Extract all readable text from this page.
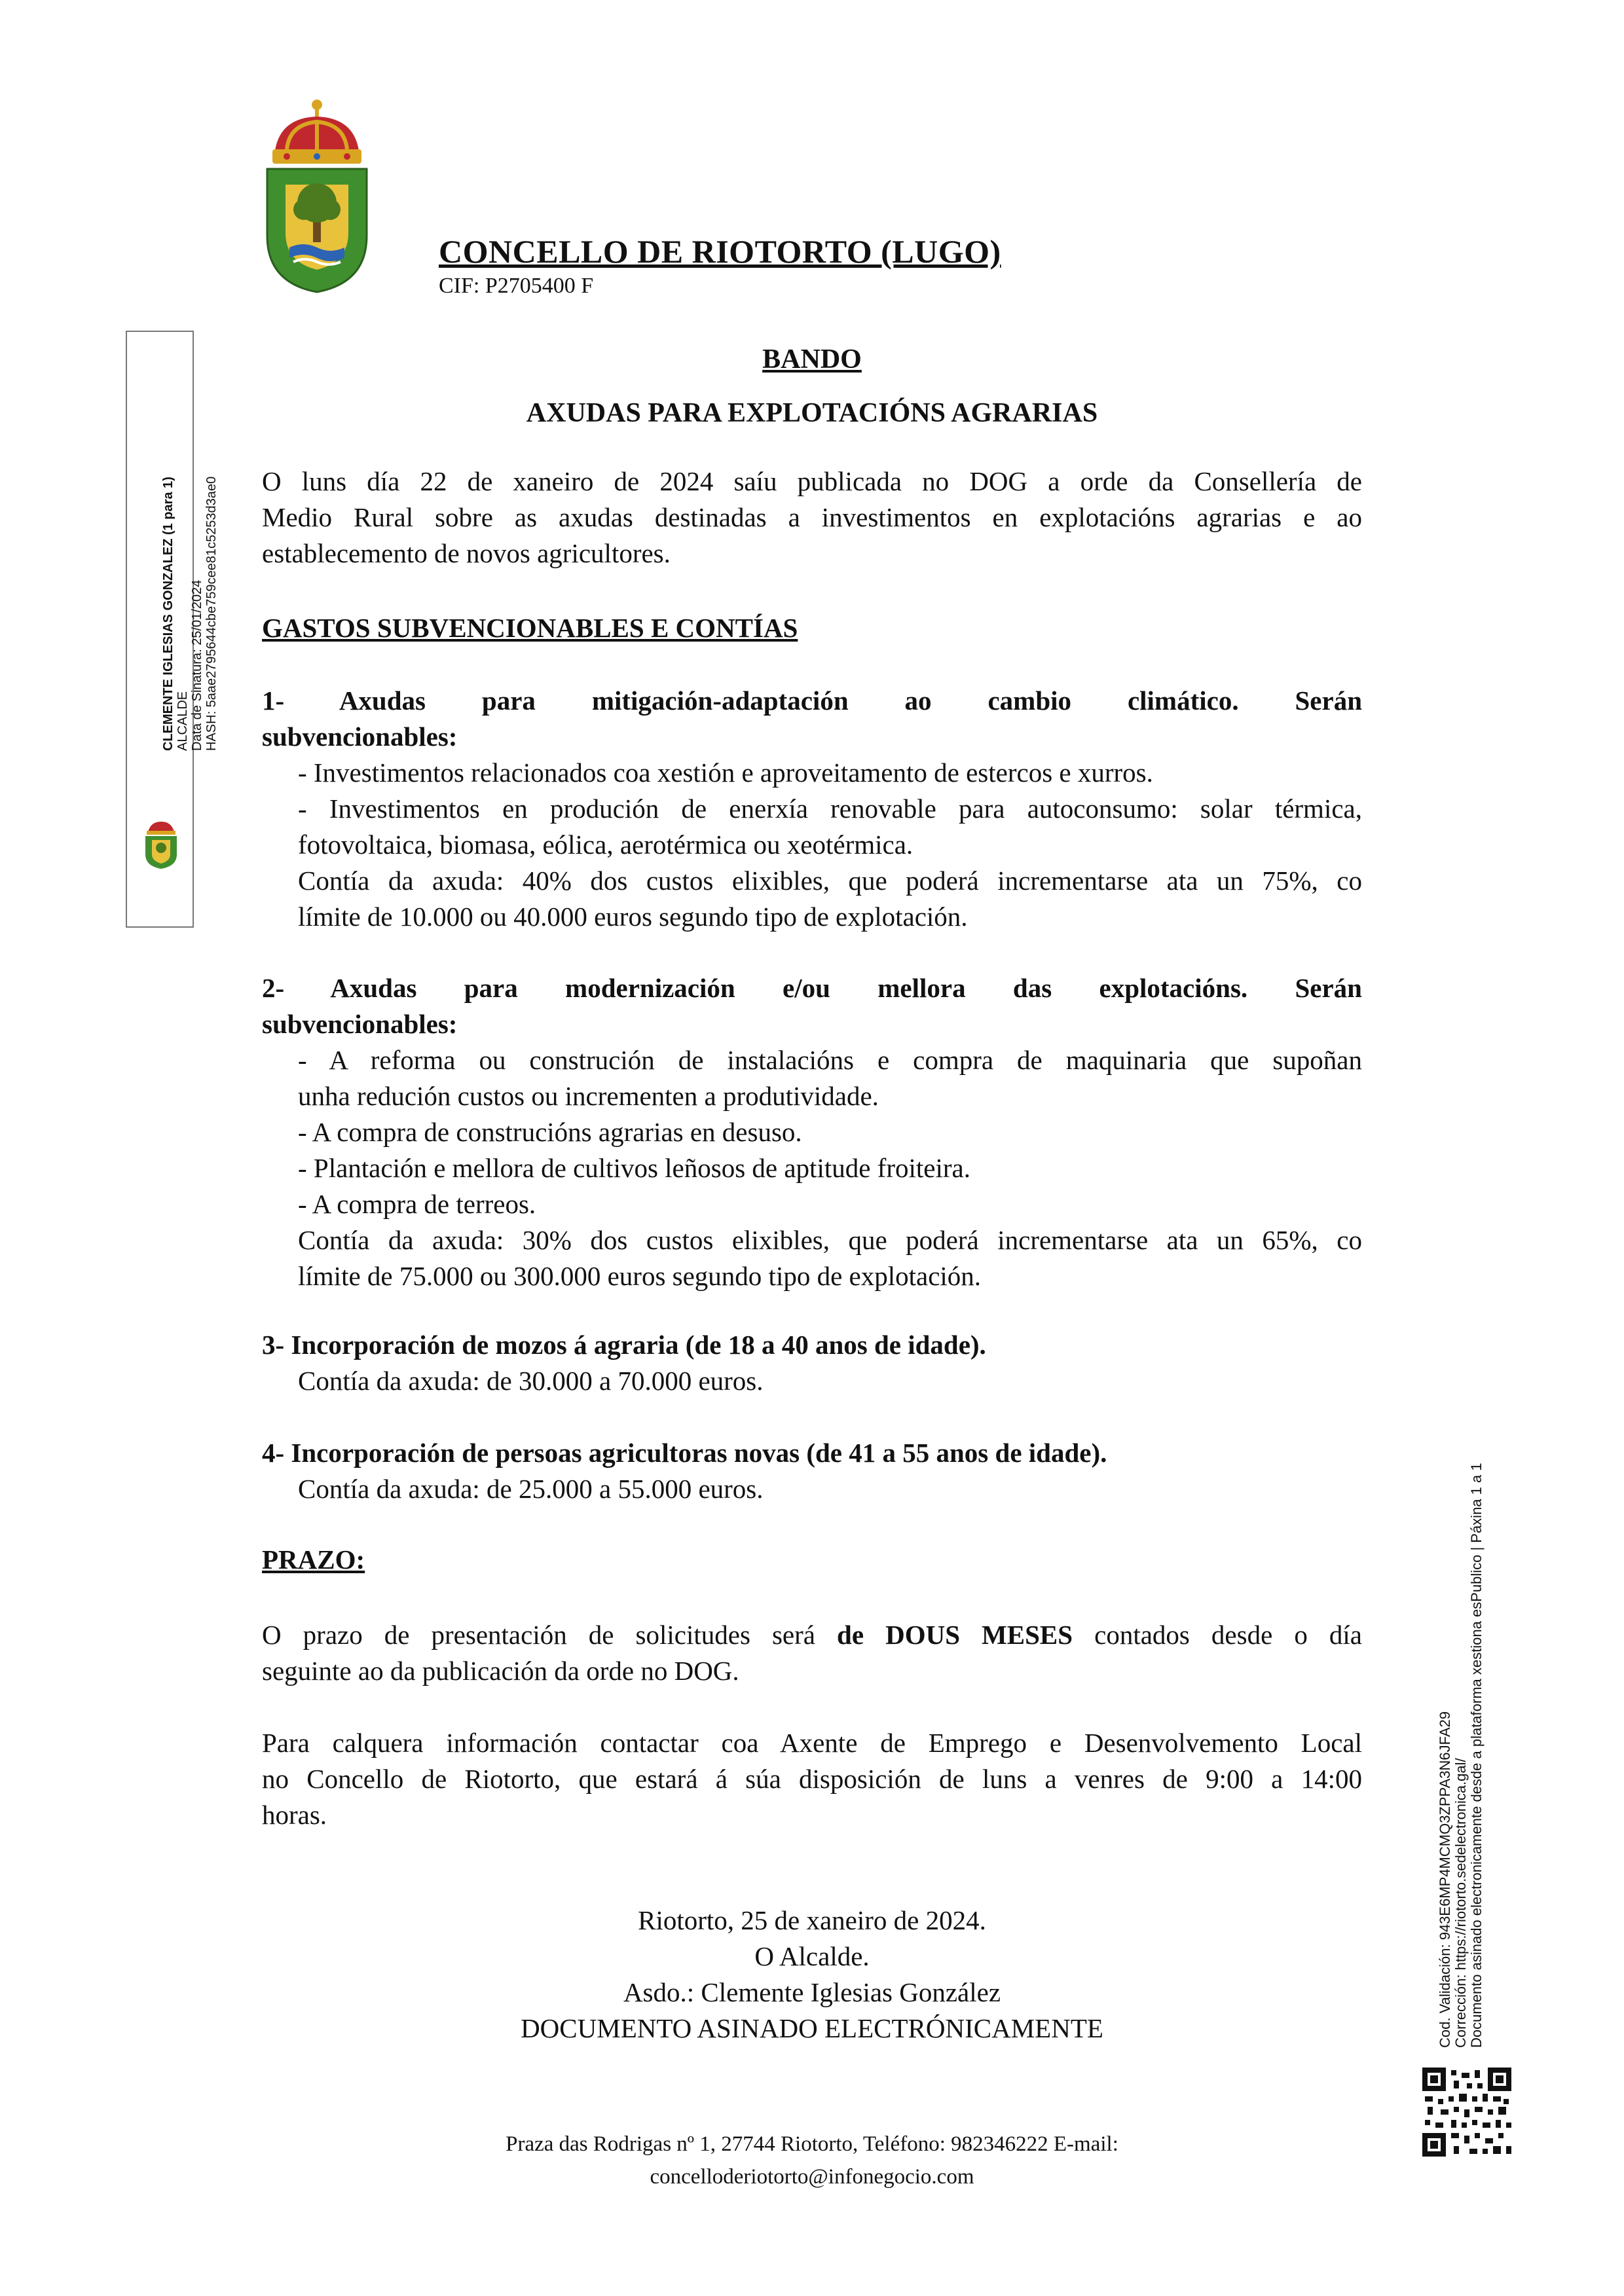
CONCELLO DE RIOTORTO (LUGO)
CIF: P2705400 F
CLEMENTE IGLESIAS GONZALEZ (1 para 1) ALCALDE Data de Sinatura: 25/01/2024 HASH: 5aae2795644cbe759cee81c5253d3ae0
BANDO
AXUDAS PARA EXPLOTACIÓNS AGRARIAS
O luns día 22 de xaneiro de 2024 saíu publicada no DOG a orde da Consellería de
Medio Rural sobre as axudas destinadas a investimentos en explotacións agrarias e ao
establecemento de novos agricultores.
GASTOS SUBVENCIONABLES E CONTÍAS
1- Axudas para mitigación-adaptación ao cambio climático. Serán
subvencionables:
- Investimentos relacionados coa xestión e aproveitamento de estercos e xurros.
- Investimentos en produción de enerxía renovable para autoconsumo: solar térmica,
fotovoltaica, biomasa, eólica, aerotérmica ou xeotérmica.
Contía da axuda: 40% dos custos elixibles, que poderá incrementarse ata un 75%, co
límite de 10.000 ou 40.000 euros segundo tipo de explotación.
2- Axudas para modernización e/ou mellora das explotacións. Serán
subvencionables:
- A reforma ou construción de instalacións e compra de maquinaria que supoñan
unha redución custos ou incrementen a produtividade.
- A compra de construcións agrarias en desuso.
- Plantación e mellora de cultivos leñosos de aptitude froiteira.
- A compra de terreos.
Contía da axuda: 30% dos custos elixibles, que poderá incrementarse ata un 65%, co
límite de 75.000 ou 300.000 euros segundo tipo de explotación.
3- Incorporación de mozos á agraria (de 18 a 40 anos de idade).
Contía da axuda: de 30.000 a 70.000 euros.
4- Incorporación de persoas agricultoras novas (de 41 a 55 anos de idade).
Contía da axuda: de 25.000 a 55.000 euros.
PRAZO:
O prazo de presentación de solicitudes será de DOUS MESES contados desde o día
seguinte ao da publicación da orde no DOG.
Para calquera información contactar coa Axente de Emprego e Desenvolvemento Local
no Concello de Riotorto, que estará á súa disposición de luns a venres de 9:00 a 14:00
horas.
Riotorto, 25 de xaneiro de 2024.
O Alcalde.
Asdo.: Clemente Iglesias González
DOCUMENTO ASINADO ELECTRÓNICAMENTE
Praza das Rodrigas nº 1, 27744 Riotorto, Teléfono: 982346222 E-mail:
concelloderiotorto@infonegocio.com
Cod. Validación: 943E6MP4MCMQ3ZPPA3N6JFA29 Corrección: https://riotorto.sedelectronica.gal/ Documento asinado electronicamente desde a plataforma xestiona esPublico | Páxina 1 a 1
